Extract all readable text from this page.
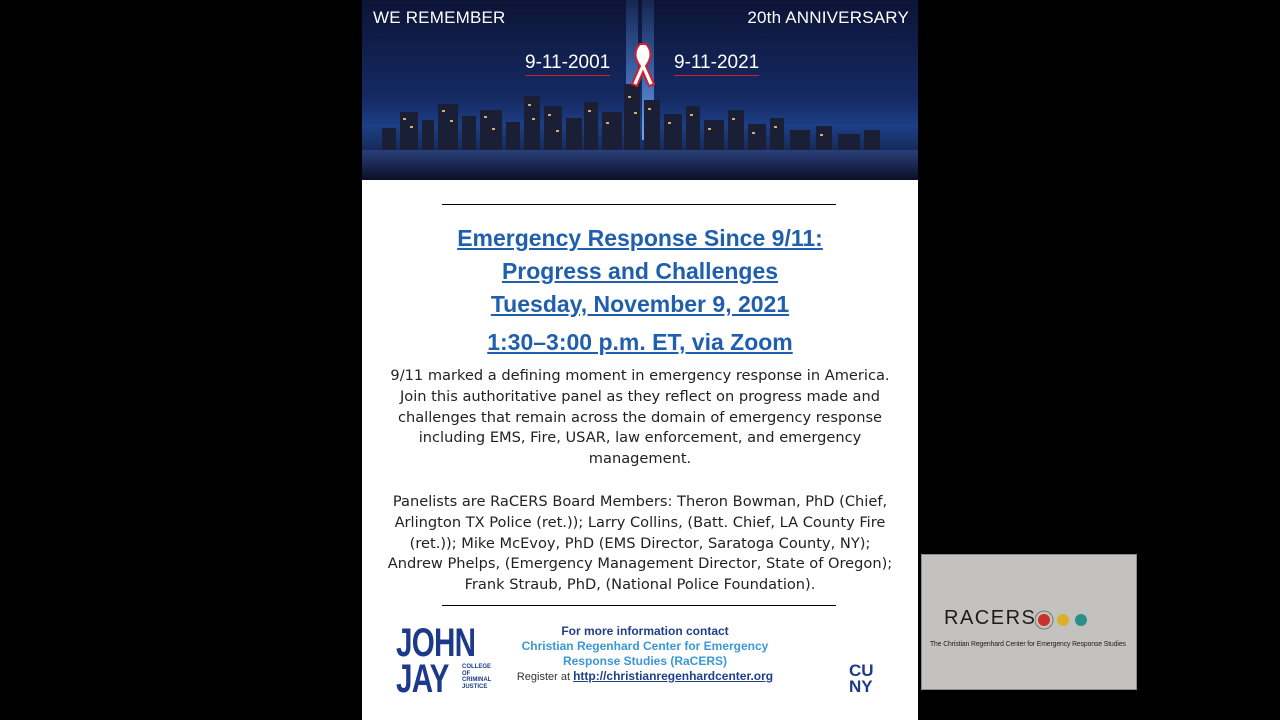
WE REMEMBER	20th ANNIVERSARY
9-11-2001	9-11-2021
Emergency Response Since 9/11:
Progress and Challenges
Tuesday, November 9, 2021
1:30–3:00 p.m. ET, via Zoom
9/11 marked a defining moment in emergency response in America. Join this authoritative panel as they reflect on progress made and challenges that remain across the domain of emergency response including EMS, Fire, USAR, law enforcement, and emergency management.
Panelists are RaCERS Board Members: Theron Bowman, PhD (Chief, Arlington TX Police (ret.)); Larry Collins, (Batt. Chief, LA County Fire (ret.)); Mike McEvoy, PhD (EMS Director, Saratoga County, NY); Andrew Phelps, (Emergency Management Director, State of Oregon); Frank Straub, PhD, (National Police Foundation).
JOHN
JAY COLLEGE
OF
CRIMINAL
JUSTICE
For more information contact
Christian Regenhard Center for Emergency
Response Studies (RaCERS)
Register at http://christianregenhardcenter.org	CU
NY
RACERS
The Christian Regenhard Center for Emergency Response Studies
